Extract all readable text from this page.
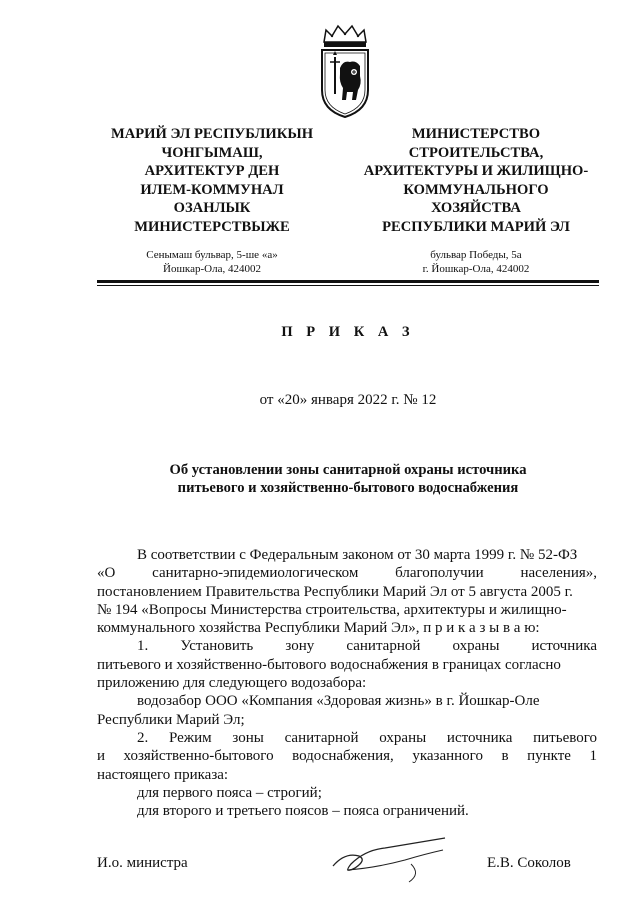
МАРИЙ ЭЛ РЕСПУБЛИКЫН
ЧОНГЫМАШ,
АРХИТЕКТУР ДЕН
ИЛЕМ-КОММУНАЛ
ОЗАНЛЫК
МИНИСТЕРСТВЫЖЕ
МИНИСТЕРСТВО
СТРОИТЕЛЬСТВА,
АРХИТЕКТУРЫ И ЖИЛИЩНО-
КОММУНАЛЬНОГО
ХОЗЯЙСТВА
РЕСПУБЛИКИ МАРИЙ ЭЛ
Сенымаш бульвар, 5-ше «а»
Йошкар-Ола, 424002
бульвар Победы, 5а
г. Йошкар-Ола, 424002
П Р И К А З
от «20» января 2022 г. № 12
Об установлении зоны санитарной охраны источника
питьевого и хозяйственно-бытового водоснабжения
В соответствии с Федеральным законом от 30 марта 1999 г. № 52-ФЗ
«О санитарно-эпидемиологическом благополучии населения»,
постановлением Правительства Республики Марий Эл от 5 августа 2005 г.
№ 194 «Вопросы Министерства строительства, архитектуры и жилищно-
коммунального хозяйства Республики Марий Эл», п р и к а з ы в а ю:
1. Установить зону санитарной охраны источника
питьевого и хозяйственно-бытового водоснабжения в границах согласно
приложению для следующего водозабора:
водозабор ООО «Компания «Здоровая жизнь» в г. Йошкар-Оле
Республики Марий Эл;
2. Режим зоны санитарной охраны источника питьевого
и хозяйственно-бытового водоснабжения, указанного в пункте 1
настоящего приказа:
для первого пояса – строгий;
для второго и третьего поясов – пояса ограничений.
И.о. министра	Е.В. Соколов
